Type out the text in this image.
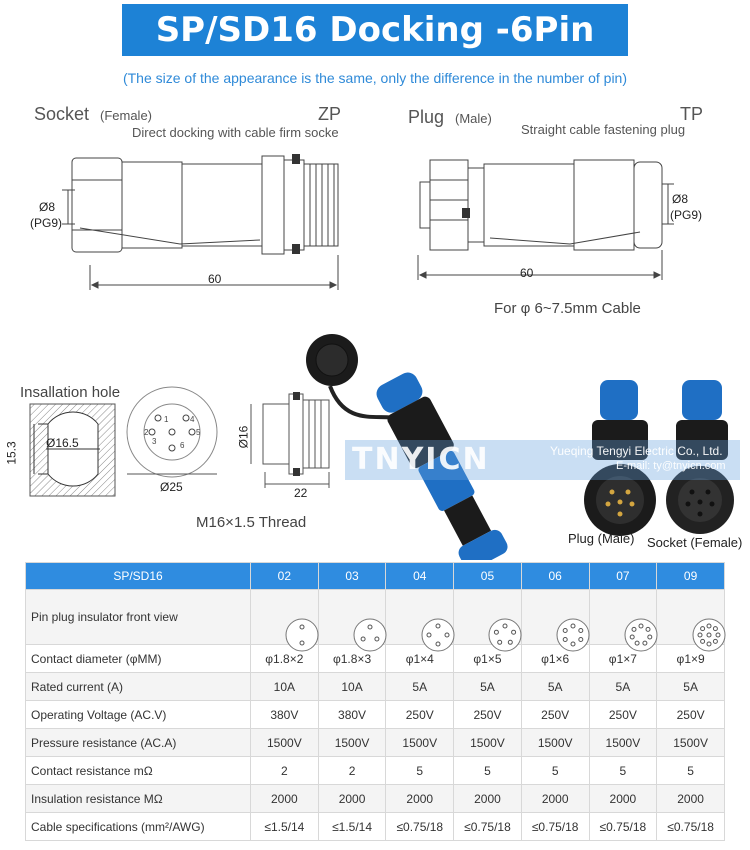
SP/SD16 Docking -6Pin
(The size of the appearance is the same, only the difference in the number of pin)
Socket (Female)	ZP
Direct docking with cable firm socke
Plug (Male)	TP
Straight cable fastening plug
Ø8
(PG9)
60
Ø8
(PG9)
60
For φ 6~7.5mm Cable
Insallation hole
Ø16.5
15.3
1	4
2
3
5
6
Ø25
Ø16
22
M16×1.5 Thread
TNYICN	Yueqing Tengyi Electric Co., Ltd.
E-mail: ty@tnyicn.com
Plug (Male) Socket (Female)
SP/SD16	02	03	04	05	06	07	09
Pin plug insulator front view	

Contact diameter (φMM)	φ1.8×2	φ1.8×3	φ1×4	φ1×5	φ1×6	φ1×7	φ1×9
Rated current (A)	10A	10A	5A	5A	5A	5A	5A
Operating Voltage (AC.V)	380V	380V	250V	250V	250V	250V	250V
Pressure resistance (AC.A)	1500V	1500V	1500V	1500V	1500V	1500V	1500V
Contact resistance mΩ	2	2	5	5	5	5	5
Insulation resistance MΩ	2000	2000	2000	2000	2000	2000	2000
Cable specifications (mm²/AWG)	≤1.5/14	≤1.5/14	≤0.75/18	≤0.75/18	≤0.75/18	≤0.75/18	≤0.75/18
